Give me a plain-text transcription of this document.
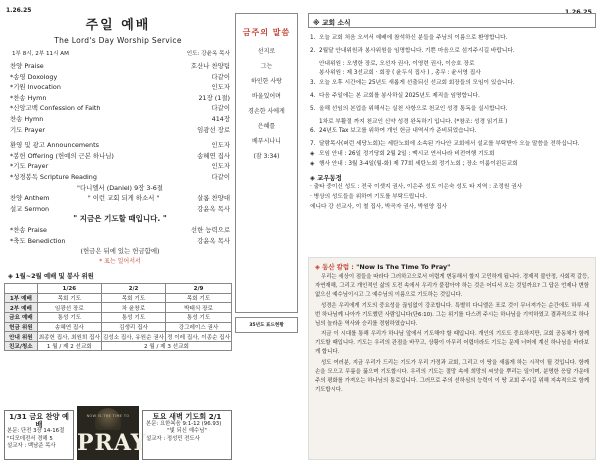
1.26.25	1.26.25
주일 예배
The Lord's Day Worship Service
1부 8시, 2부 11시 AM	인도: 강윤옥 목사
찬양 Praise	호산나 찬양팀
*송영 Doxology	다같이
*기원 Invocation	인도자
*찬송 Hymn	21장 (1절)
*신앙고백 Confession of Faith	다같이
찬송 Hymn	414장
기도 Prayer	임광선 장로
환영 및 광고 Announcements	인도자
*봉헌 Offering (헌예의 근본 하나님)	송혜연 집사
*기도 Prayer	인도자
*성경봉독 Scripture Reading	다같이
"다니엘서 (Daniel) 9장 3-6절
찬양 Anthem	" 이런 교회 되게 하소서 "	살롬 찬양대
설교 Sermon	강윤옥 목사
" 지금은 기도할 때입니다. "
*찬송 Praise	선한 능력으로
*축도 Benediction	강윤옥 목사
(헌금은 뒤에 있는 헌금함에)
* 표는 일어서서
◈ 1월~2월 예배 및 봉사 위원
	1/26	2/2	2/9
1부 예배	목회 기도	목회 기도	목회 기도
2부 예배	임광선 장로	차 윤창로	박태식 장로
금요 예배	통성 기도	통성 기도	통성 기도
헌금 위원	송혜연 집사	김생리 집사	강그레이스 권사
안내 위원	최종헌 집사, 최원희 집사	김성소 집사, 유원순 권사	정 이레 집사, 이종순 집사
친교/청소	1 월 / 제 2 선교회	2 월 / 제 3 선교회	
1/31 금요 찬양 예배
본문: 단전 3장 14-16절
"디모데전서 경해 5
설교자 : 백남준 목사
NOW IS THE TIME TO
PRAY
토요 새벽 기도회 2/1
본문: 요한복음 9:1-12 (96.93)
"빛 되신 예수님"
설교자 : 정성민 전도사
금주의 말씀
선지로
그는
하인한 사랑
바울있어며
경손한 사에게
은혜를
베푸시나니
(잠 3:34)
35년도 표드현황
※ 교회 소식
1. 오늘 교회 처음 오셔서 예배에 참석하신 분들을 주님의 이름으로 환영합니다.
2. 2월달 안내위원과 봉사위원을 임명합니다. 기쁜 마음으로 섬겨주시길 바랍니다.
안내위원 : 오생한 장로, 오선자 권사, 이영련 권사, 이승호 장로
봉사위원 : 제 3선교회 · 회장 ( 윤두식 집사 ) , 총무 : 윤서영 집사
3. 오늘 오후 시간에는 25년도 새롭게 선출되신 선교회 회장들의 모임이 있습니다.
4. 다음 주일에는 본 교회를 봉사하실 2025년도 제직을 임명합니다.
5. 올해 선임의 본업을 위해서는 실천 사항으로 천교인 성경 통독을 실시합니다.
1차로 부활절 까지 천교인 신약 성경 완독하기 입니다. (*참조: 성경 읽기표 )
6. 24년도 Tax 보고를 위하여 개인 헌금 내역서가 준비되었습니다.
7. 달람목사(퍼런 세당노회)는 세탄노회에 소속된 가나안 교회에서 설교를 부탁받아 오늘 말씀을 전하십니다.
◈ 모임 안내 : 26일 정기당회 2월 2일 : 맥시코 연서나라 비전여행 기도회
◈ 행사 안내 : 3월 3-4일(월-화) 제 77회 세탄노회 정기노회 ; 장소 이룸이윈든교회
◈ 교우동정
· 출타 중이신 성도 : 전국 이셋지 권사, 이은주 성도 이은숙 성도 타 지역 : 조정원 권사
· 병상의 성도들을 위하여 기도를 부탁드립니다.
에니다 강 선교사, 이 철 집사, 박곡자 권사, 박원양 집사
◈ 동산 칼럼 : "Now Is The Time To Pray"

우리는 세상이 점들을 따라다 그러하고으로서 어렵게 변동해서 할지 고민하게 됩니다. 경제적 불안정, 사회적 갈등, 자연재해, 그리고 개인적인 삶의 도전 속에서 우리가 붙잡아야 하는 것은 어디서 오는 것일까요? 그 답은 언제나 변함없으신 예수님이시고 그 예수님의 이름으로 기도하는 것입니다.

성경은 우리에게 기도의 중요성을 끊임없이 강조합니다. 특별히 다니엘은 포로 것이 무너져가는 순간에도 하루 세 번 하나님께 나아가 기도했던 사람입니다(단6:10). 그는 위기를 다스려 주시는 하나님을 기억하였고 결과적으로 하나님의 놀라운 역사와 승리를 경험하였습니다.

지금 이 시대를 통해 우리가 하나님 앞에서 기도해야 할 때입니다. 개인의 기도도 중요하지만, 교회 공동체가 함께 기도할 때입니다. 기도는 우리의 관점을 바꾸고, 상황이 아무리 어렵더라도 기도는 문제 너머에 계신 하나님을 바라보게 합니다.

성도 여러분, 지금 우리가 드리는 기도가 우리 가정과 교회, 그리고 이 땅을 새롭게 하는 시작이 될 것입니다. 함께 손을 모으고 무릎을 꿇으며 기도합시다. 우리의 기도는 절망 속에 희망의 씨앗을 뿌리는 일이며, 분명한 응답 가운데 주의 평화를 가져오는 하나님의 통로입니다. 그러므로 주의 선하심의 능력이 이 땅 교회 주시길 위해 지속적으로 함께 기도합시다.
